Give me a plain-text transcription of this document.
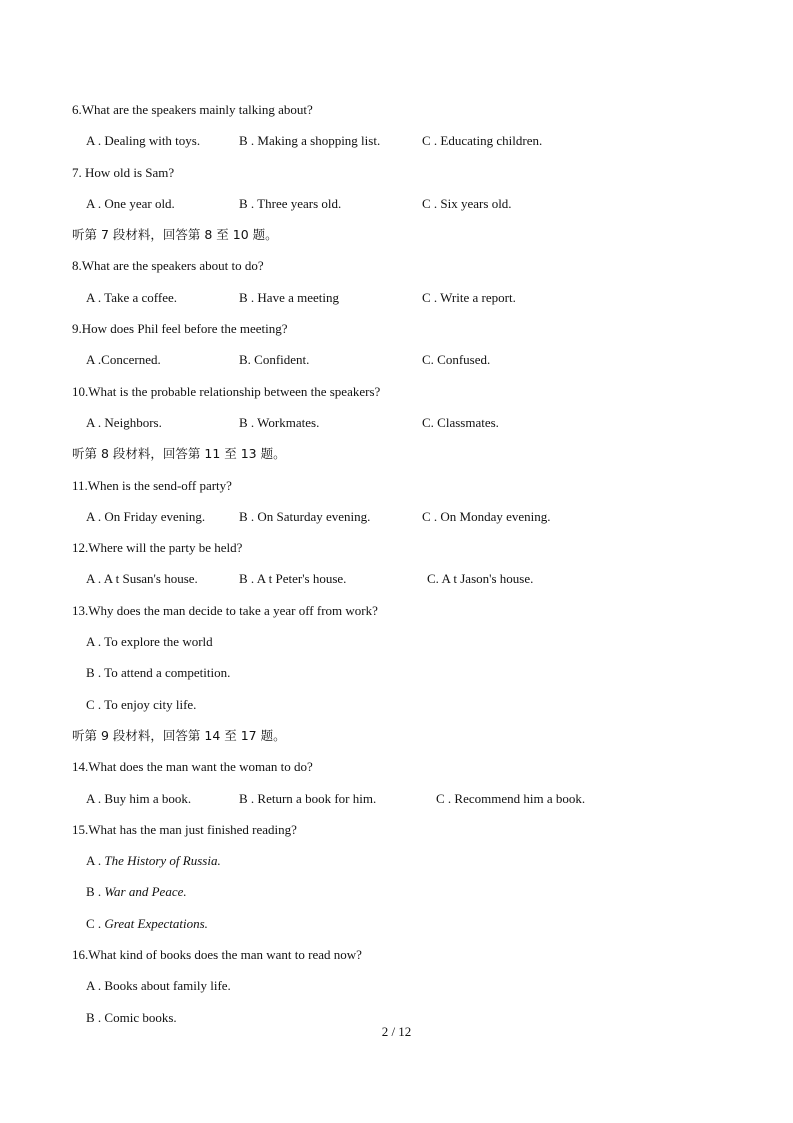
6.What are the speakers mainly talking about?
A . Dealing with toys.	B . Making a shopping list.	C . Educating children.
7. How old is Sam?
A . One year old.	B . Three years old.	C . Six years old.
听第 7 段材料，回答第 8 至 10 题。
8.What are the speakers about to do?
A . Take a coffee.	B . Have a meeting	C . Write a report.
9.How does Phil feel before the meeting?
A .Concerned.	B. Confident.	C. Confused.
10.What is the probable relationship between the speakers?
A . Neighbors.	B . Workmates.	C. Classmates.
听第 8 段材料，回答第 11 至 13 题。
11.When is the send-off party?
A . On Friday evening.	B . On Saturday evening.	C . On Monday evening.
12.Where will the party be held?
A . A t Susan's house.	B . A t Peter's house.	C. A t Jason's house.
13.Why does the man decide to take a year off from work?
A . To explore the world
B . To attend a competition.
C . To enjoy city life.
听第 9 段材料，回答第 14 至 17 题。
14.What does the man want the woman to do?
A . Buy him a book.	B . Return a book for him.	C . Recommend him a book.
15.What has the man just finished reading?
A . The History of Russia.
B . War and Peace.
C . Great Expectations.
16.What kind of books does the man want to read now?
A . Books about family life.
B . Comic books.
2 / 12
